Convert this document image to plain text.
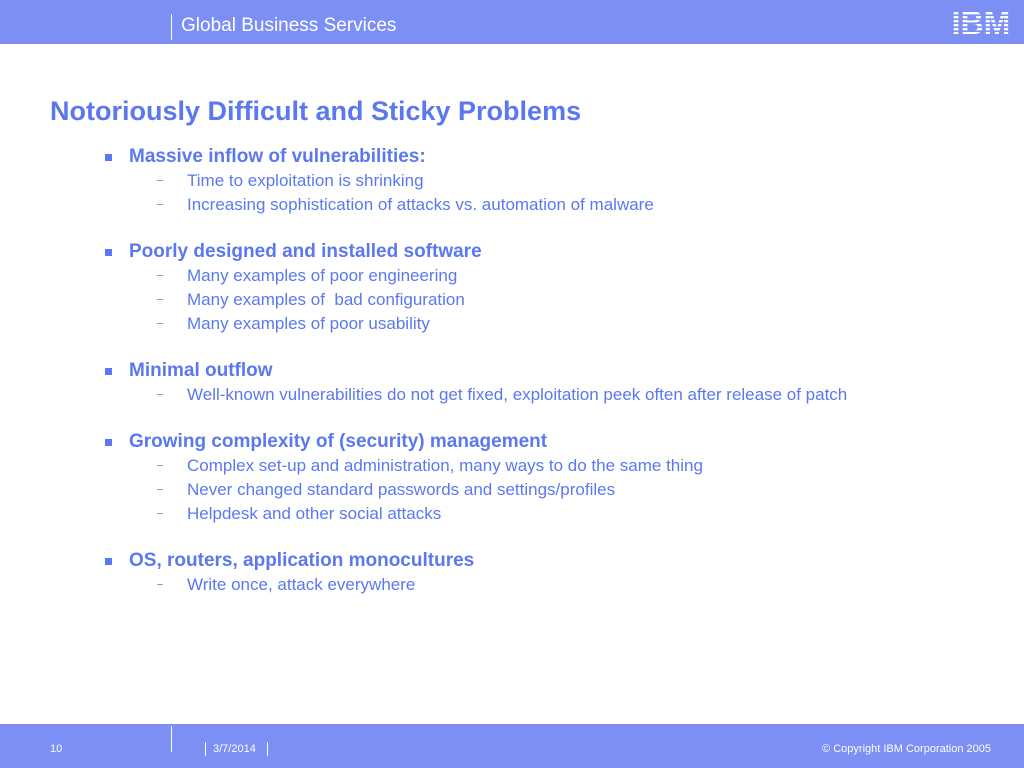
Global Business Services	IBM
Notoriously Difficult and Sticky Problems
Massive inflow of vulnerabilities:
Time to exploitation is shrinking
Increasing sophistication of attacks vs. automation of malware
Poorly designed and installed software
Many examples of poor engineering
Many examples of  bad configuration
Many examples of poor usability
Minimal outflow
Well-known vulnerabilities do not get fixed, exploitation peek often after release of patch
Growing complexity of (security) management
Complex set-up and administration, many ways to do the same thing
Never changed standard passwords and settings/profiles
Helpdesk and other social attacks
OS, routers, application monocultures
Write once, attack everywhere
10	3/7/2014	© Copyright IBM Corporation 2005
